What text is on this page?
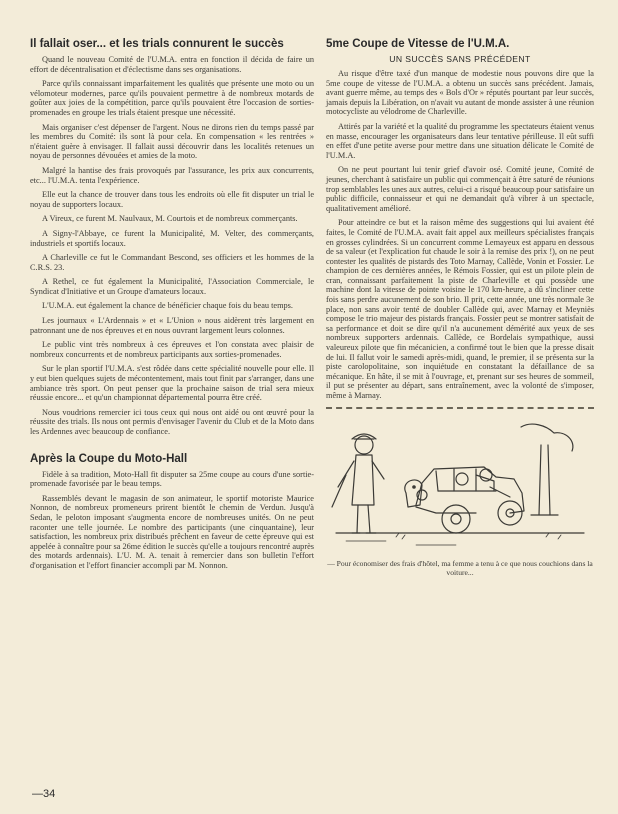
Il fallait oser... et les trials connurent le succès

Quand le nouveau Comité de l'U.M.A. entra en fonction il décida de faire un effort de décentralisation et d'éclectisme dans ses organisations.

Parce qu'ils connaissant imparfaitement les qualités que présente une moto ou un vélomoteur modernes, parce qu'ils pouvaient permettre à de nombreux motards de goûter aux joies de la compétition, parce qu'ils pouvaient être l'occasion de sorties-promenades en groupe les trials étaient presque une nécessité.

Mais organiser c'est dépenser de l'argent. Nous ne dirons rien du temps passé par les membres du Comité: ils sont là pour cela. En compensation « les rentrées » n'étaient guère à envisager. Il fallait aussi découvrir dans les localités retenues un noyau de personnes dévouées et amies de la moto.

Malgré la hantise des frais provoqués par l'assurance, les prix aux concurrents, etc... l'U.M.A. tenta l'expérience.

Elle eut la chance de trouver dans tous les endroits où elle fit disputer un trial le noyau de supporters locaux.

A Vireux, ce furent M. Naulvaux, M. Courtois et de nombreux commerçants.

A Signy-l'Abbaye, ce furent la Municipalité, M. Velter, des commerçants, industriels et sportifs locaux.

A Charleville ce fut le Commandant Bescond, ses officiers et les hommes de la C.R.S. 23.

A Rethel, ce fut également la Municipalité, l'Association Commerciale, le Syndicat d'Initiative et un Groupe d'amateurs locaux.

L'U.M.A. eut également la chance de bénéficier chaque fois du beau temps.

Les journaux « L'Ardennais » et « L'Union » nous aidèrent très largement en patronnant une de nos épreuves et en nous ouvrant largement leurs colonnes.

Le public vint très nombreux à ces épreuves et l'on constata avec plaisir de nombreux concurrents et de nombreux participants aux sorties-promenades.

Sur le plan sportif l'U.M.A. s'est rôdée dans cette spécialité nouvelle pour elle. Il y eut bien quelques sujets de mécontentement, mais tout finit par s'arranger, dans une ambiance très sport. On peut penser que la prochaine saison de trial sera mieux réussie encore... et qu'un championnat départemental pourra être créé.

Nous voudrions remercier ici tous ceux qui nous ont aidé ou ont œuvré pour la réussite des trials. Ils nous ont permis d'envisager l'avenir du Club et de la Moto dans les Ardennes avec beaucoup de confiance.

Après la Coupe du Moto-Hall

Fidèle à sa tradition, Moto-Hall fit disputer sa 25me coupe au cours d'une sortie-promenade favorisée par le beau temps.

Rassemblés devant le magasin de son animateur, le sportif motoriste Maurice Nonnon, de nombreux promeneurs prirent bientôt le chemin de Verdun. Jusqu'à Sedan, le peloton imposant s'augmenta encore de nombreuses unités. On ne peut raconter une telle journée. Le nombre des participants (une cinquantaine), leur satisfaction, les nombreux prix distribués prêchent en faveur de cette épreuve qui est appelée à connaître pour sa 26me édition le succès qu'elle a toujours rencontré auprès des motards ardennais). L'U. M. A. tenait à remercier dans son bulletin l'effort d'organisation et l'effort financier accompli par M. Nonnon.

5me Coupe de Vitesse de l'U.M.A.
UN SUCCÈS SANS PRÉCÉDENT

Au risque d'être taxé d'un manque de modestie nous pouvons dire que la 5me coupe de vitesse de l'U.M.A. a obtenu un succès sans précédent. Jamais, avant guerre même, au temps des « Bols d'Or » réputés pourtant par leur succès, jamais depuis la Libération, on n'avait vu autant de monde assister à une réunion motocycliste au vélodrome de Charleville.

Attirés par la variété et la qualité du programme les spectateurs étaient venus en masse, encourager les organisateurs dans leur tentative périlleuse. Il eût suffi en effet d'une petite averse pour mettre dans une situation délicate le Comité de l'U.M.A.

On ne peut pourtant lui tenir grief d'avoir osé. Comité jeune, Comité de jeunes, cherchant à satisfaire un public qui commençait à être saturé de réunions trop semblables les unes aux autres, celui-ci a risqué beaucoup pour satisfaire un public difficile, connaisseur et qui ne demandait qu'à vibrer à un spectacle, qualitativement amélioré.

Pour atteindre ce but et la raison même des suggestions qui lui avaient été faites, le Comité de l'U.M.A. avait fait appel aux meilleurs spécialistes français en grosses cylindrées. Si un concurrent comme Lemayeux est apparu en dessous de sa valeur (et l'explication fut chaude le soir à la remise des prix !), on ne peut contester les qualités de pistards des Toto Marnay, Callède, Vonin et Fossier. Le champion de ces dernières années, le Rémois Fossier, qui est un pilote plein de cran, connaissant parfaitement la piste de Charleville et qui possède une machine dont la vitesse de pointe voisine le 170 km-heure, a dû s'incliner cette fois sans perdre aucunement de son brio. Il prit, cette année, une très normale 3e place, non sans avoir tenté de doubler Callède qui, avec Marnay et Meyniès compose le trio majeur des pistards français. Fossier peut se montrer satisfait de sa performance et doit se dire qu'il n'a aucunement démérité aux yeux de ses nombreux supporters ardennais. Callède, ce Bordelais sympathique, aussi valeureux pilote que fin mécanicien, a confirmé tout le bien que la presse disait de lui. Il fallut voir le samedi après-midi, quand, le premier, il se présenta sur la piste carolopolitaine, son inquiétude en constatant la défaillance de sa mécanique. En hâte, il se mit à l'ouvrage, et, prenant sur ses heures de sommeil, il put se présenter au départ, sans entraînement, avec la volonté de s'imposer, même à Marnay.

— Pour économiser des frais d'hôtel, ma femme a tenu à ce que nous couchions dans la voiture...
—34
